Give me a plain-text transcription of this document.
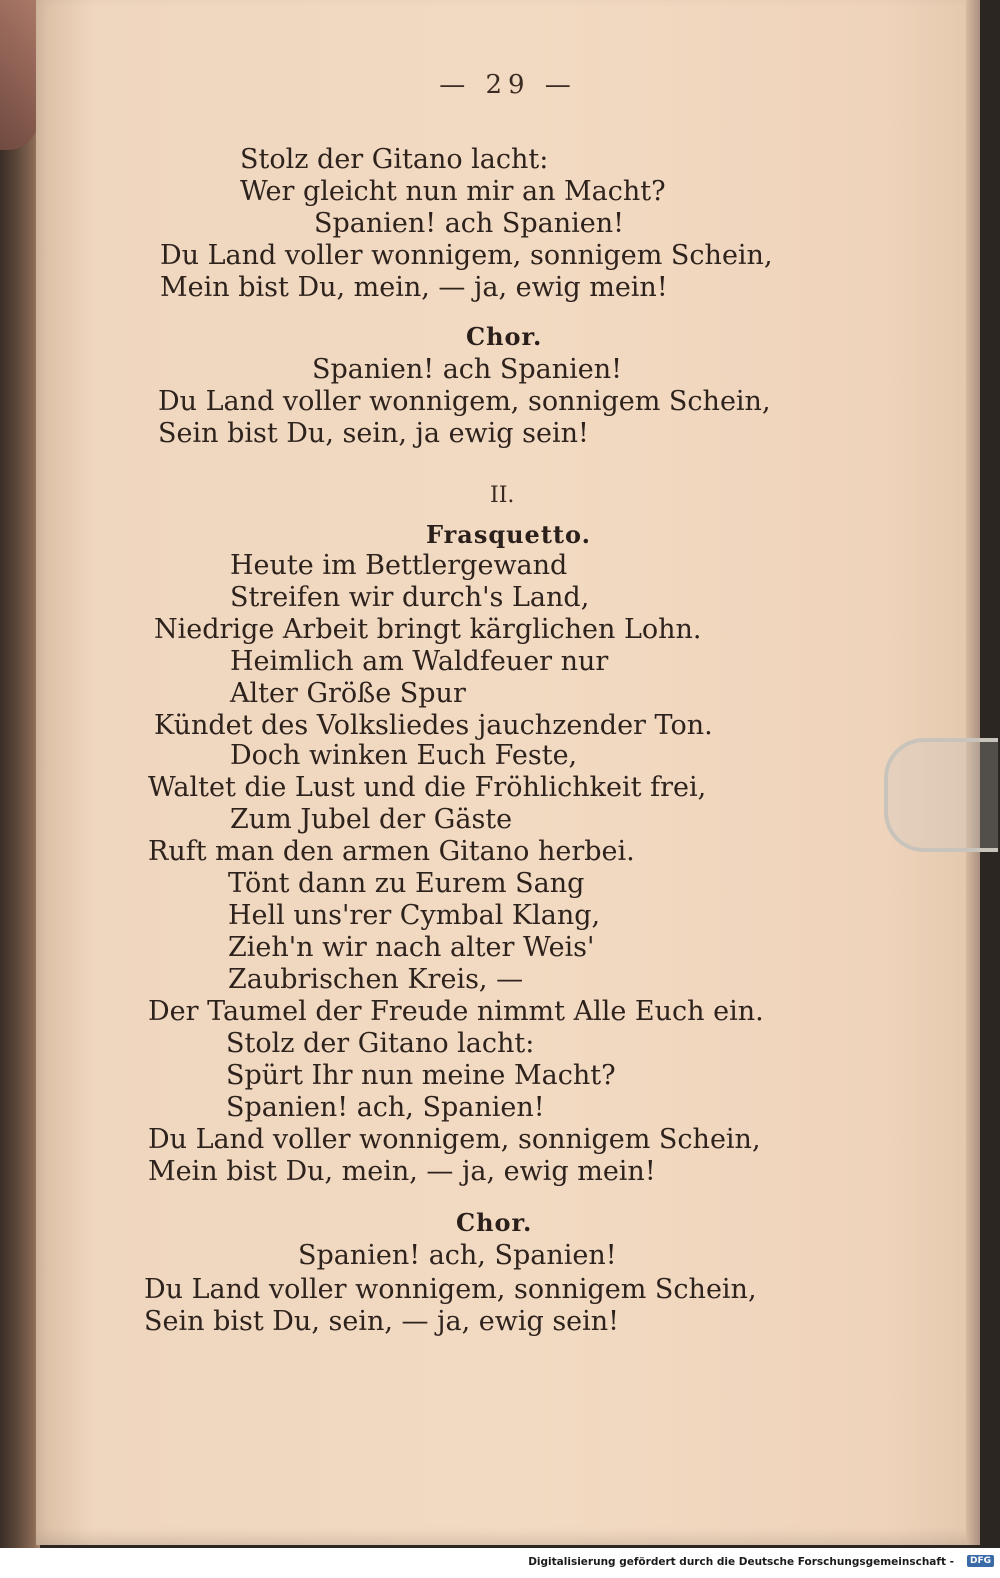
— 29 —

Stolz der Gitano lacht:

Wer gleicht nun mir an Macht?

Spanien! ach Spanien!

Du Land voller wonnigem, sonnigem Schein,

Mein bist Du, mein, — ja, ewig mein!

Chor.

Spanien! ach Spanien!

Du Land voller wonnigem, sonnigem Schein,

Sein bist Du, sein, ja ewig sein!

II.

Frasquetto.

Heute im Bettlergewand

Streifen wir durch's Land,

Niedrige Arbeit bringt kärglichen Lohn.

Heimlich am Waldfeuer nur

Alter Größe Spur

Kündet des Volksliedes jauchzender Ton.

Doch winken Euch Feste,

Waltet die Lust und die Fröhlichkeit frei,

Zum Jubel der Gäste

Ruft man den armen Gitano herbei.

Tönt dann zu Eurem Sang

Hell uns'rer Cymbal Klang,

Zieh'n wir nach alter Weis'

Zaubrischen Kreis, —

Der Taumel der Freude nimmt Alle Euch ein.

Stolz der Gitano lacht:

Spürt Ihr nun meine Macht?

Spanien! ach, Spanien!

Du Land voller wonnigem, sonnigem Schein,

Mein bist Du, mein, — ja, ewig mein!

Chor.

Spanien! ach, Spanien!

Du Land voller wonnigem, sonnigem Schein,

Sein bist Du, sein, — ja, ewig sein!

Digitalisierung gefördert durch die Deutsche Forschungsgemeinschaft -	DFG
